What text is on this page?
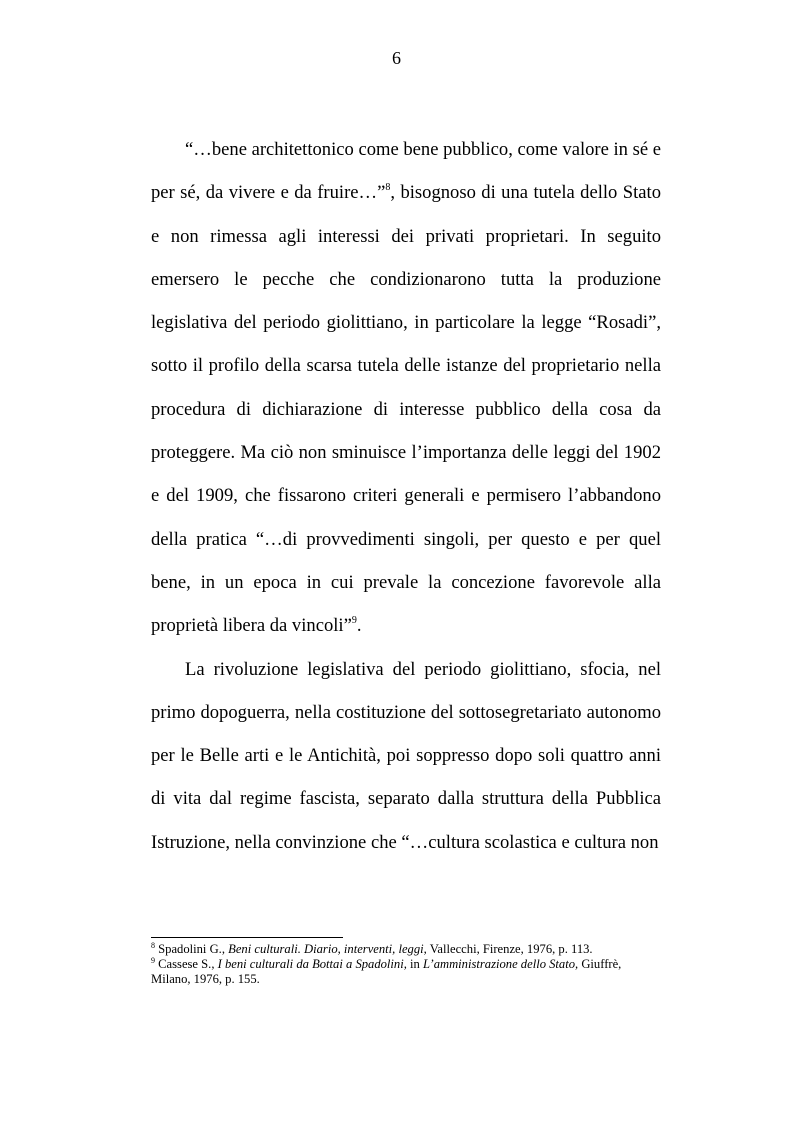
6

“…bene architettonico come bene pubblico, come valore in sé e per sé, da vivere e da fruire…”$^8$, bisognoso di una tutela dello Stato e non rimessa agli interessi dei privati proprietari. In seguito emersero le pecche che condizionarono tutta la produzione legislativa del periodo giolittiano, in particolare la legge “Rosadi”, sotto il profilo della scarsa tutela delle istanze del proprietario nella procedura di dichiarazione di interesse pubblico della cosa da proteggere. Ma ciò non sminuisce l’importanza delle leggi del 1902 e del 1909, che fissarono criteri generali e permisero l’abbandono della pratica “…di provvedimenti singoli, per questo e per quel bene, in un epoca in cui prevale la concezione favorevole alla proprietà libera da vincoli”$^9$.

La rivoluzione legislativa del periodo giolittiano, sfocia, nel primo dopoguerra, nella costituzione del sottosegretariato autonomo per le Belle arti e le Antichità, poi soppresso dopo soli quattro anni di vita dal regime fascista, separato dalla struttura della Pubblica Istruzione, nella convinzione che “…cultura scolastica e cultura non

$^8$ Spadolini G., Beni culturali. Diario, interventi, leggi, Vallecchi, Firenze, 1976, p. 113.

$^9$ Cassese S., I beni culturali da Bottai a Spadolini, in L’amministrazione dello Stato, Giuffrè, Milano, 1976, p. 155.
